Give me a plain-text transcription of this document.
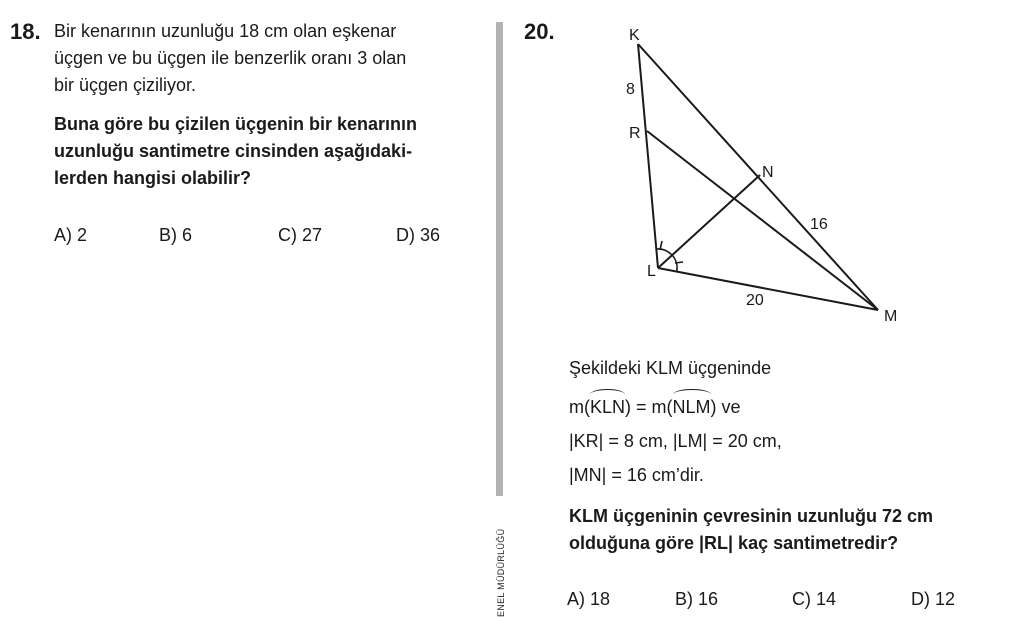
18. Bir kenarının uzunluğu 18 cm olan eşkenar

üçgen ve bu üçgen ile benzerlik oranı 3 olan

bir üçgen çiziliyor.

Buna göre bu çizilen üçgenin bir kenarının

uzunluğu santimetre cinsinden aşağıdaki-

lerden hangisi olabilir?

A) 2	B) 6	C) 27	D) 36
ENEL MÜDÜRLÜĞÜ
20.	K
8
R
N
16
L
20
M

Şekildeki KLM üçgeninde

m(KLN) = m(NLM) ve

|KR| = 8 cm, |LM| = 20 cm,

|MN| = 16 cm’dir.

KLM üçgeninin çevresinin uzunluğu 72 cm

olduğuna göre |RL| kaç santimetredir?

A) 18	B) 16	C) 14	D) 12
